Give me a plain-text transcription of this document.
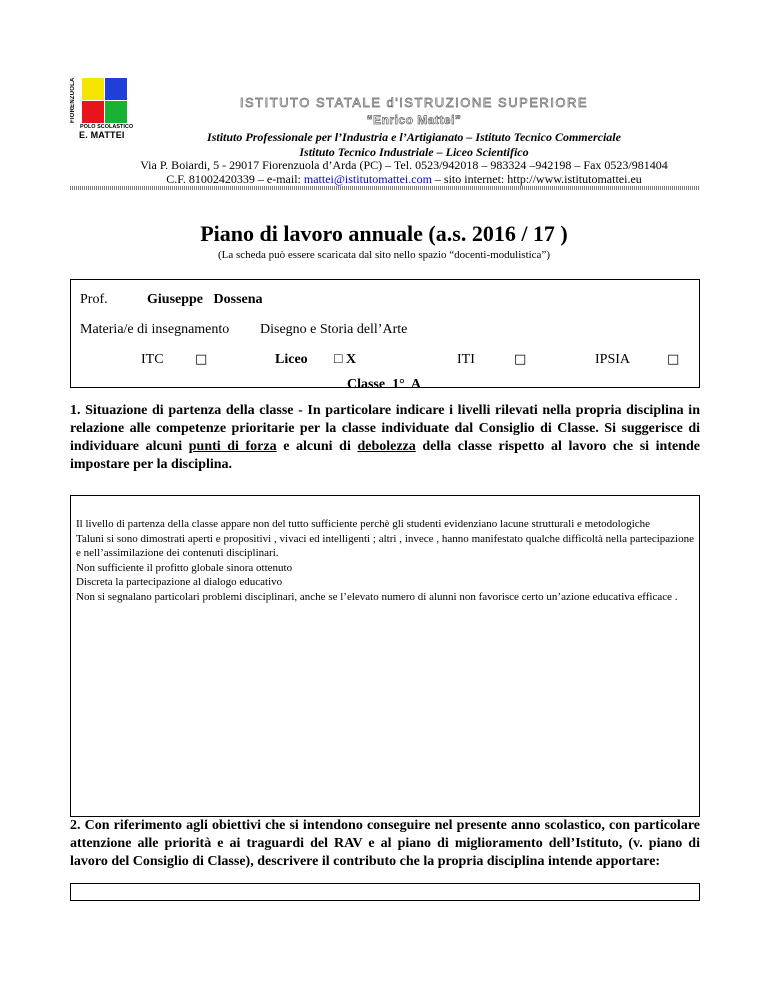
FIORENZUOLA
POLO SCOLASTICO
E. MATTEI
ISTITUTO STATALE d'ISTRUZIONE SUPERIORE
“Enrico Mattei”
Istituto Professionale per l’Industria e l’Artigianato – Istituto Tecnico Commerciale
Istituto Tecnico Industriale – Liceo Scientifico
Via P. Boiardi, 5 - 29017 Fiorenzuola d’Arda (PC) – Tel. 0523/942018 – 983324 –942198 – Fax 0523/981404
C.F. 81002420339 – e-mail: mattei@istitutomattei.com – sito internet: http://www.istitutomattei.eu
Piano di lavoro annuale (a.s. 2016 / 17 )
(La scheda può essere scaricata dal sito nello spazio “docenti-modulistica”)
Prof.	Giuseppe   Dossena
Materia/e di insegnamento Disegno e Storia dell’Arte
ITC □	Liceo □ X	ITI	□	IPSIA	□
Classe  1°  A
1. Situazione di partenza della classe - In particolare indicare i livelli rilevati nella propria disciplina in relazione alle competenze prioritarie per la classe individuate dal Consiglio di Classe. Si suggerisce di individuare alcuni punti di forza e alcuni di debolezza della classe rispetto al lavoro che si intende impostare per la disciplina.

Il livello di partenza della classe appare non del tutto sufficiente perchè gli studenti evidenziano lacune strutturali e metodologiche

Taluni si sono dimostrati aperti e propositivi , vivaci ed intelligenti ; altri , invece , hanno manifestato qualche difficoltà nella partecipazione e nell’assimilazione dei contenuti disciplinari.

Non sufficiente il profitto globale sinora ottenuto

Discreta la partecipazione al dialogo educativo

Non si segnalano particolari problemi disciplinari, anche se l’elevato numero di alunni non favorisce certo un’azione educativa efficace .

2. Con riferimento agli obiettivi che si intendono conseguire nel presente anno scolastico, con particolare attenzione alle priorità e ai traguardi del RAV e al piano di miglioramento dell’Istituto, (v. piano di lavoro del Consiglio di Classe), descrivere il contributo che la propria disciplina intende apportare:
